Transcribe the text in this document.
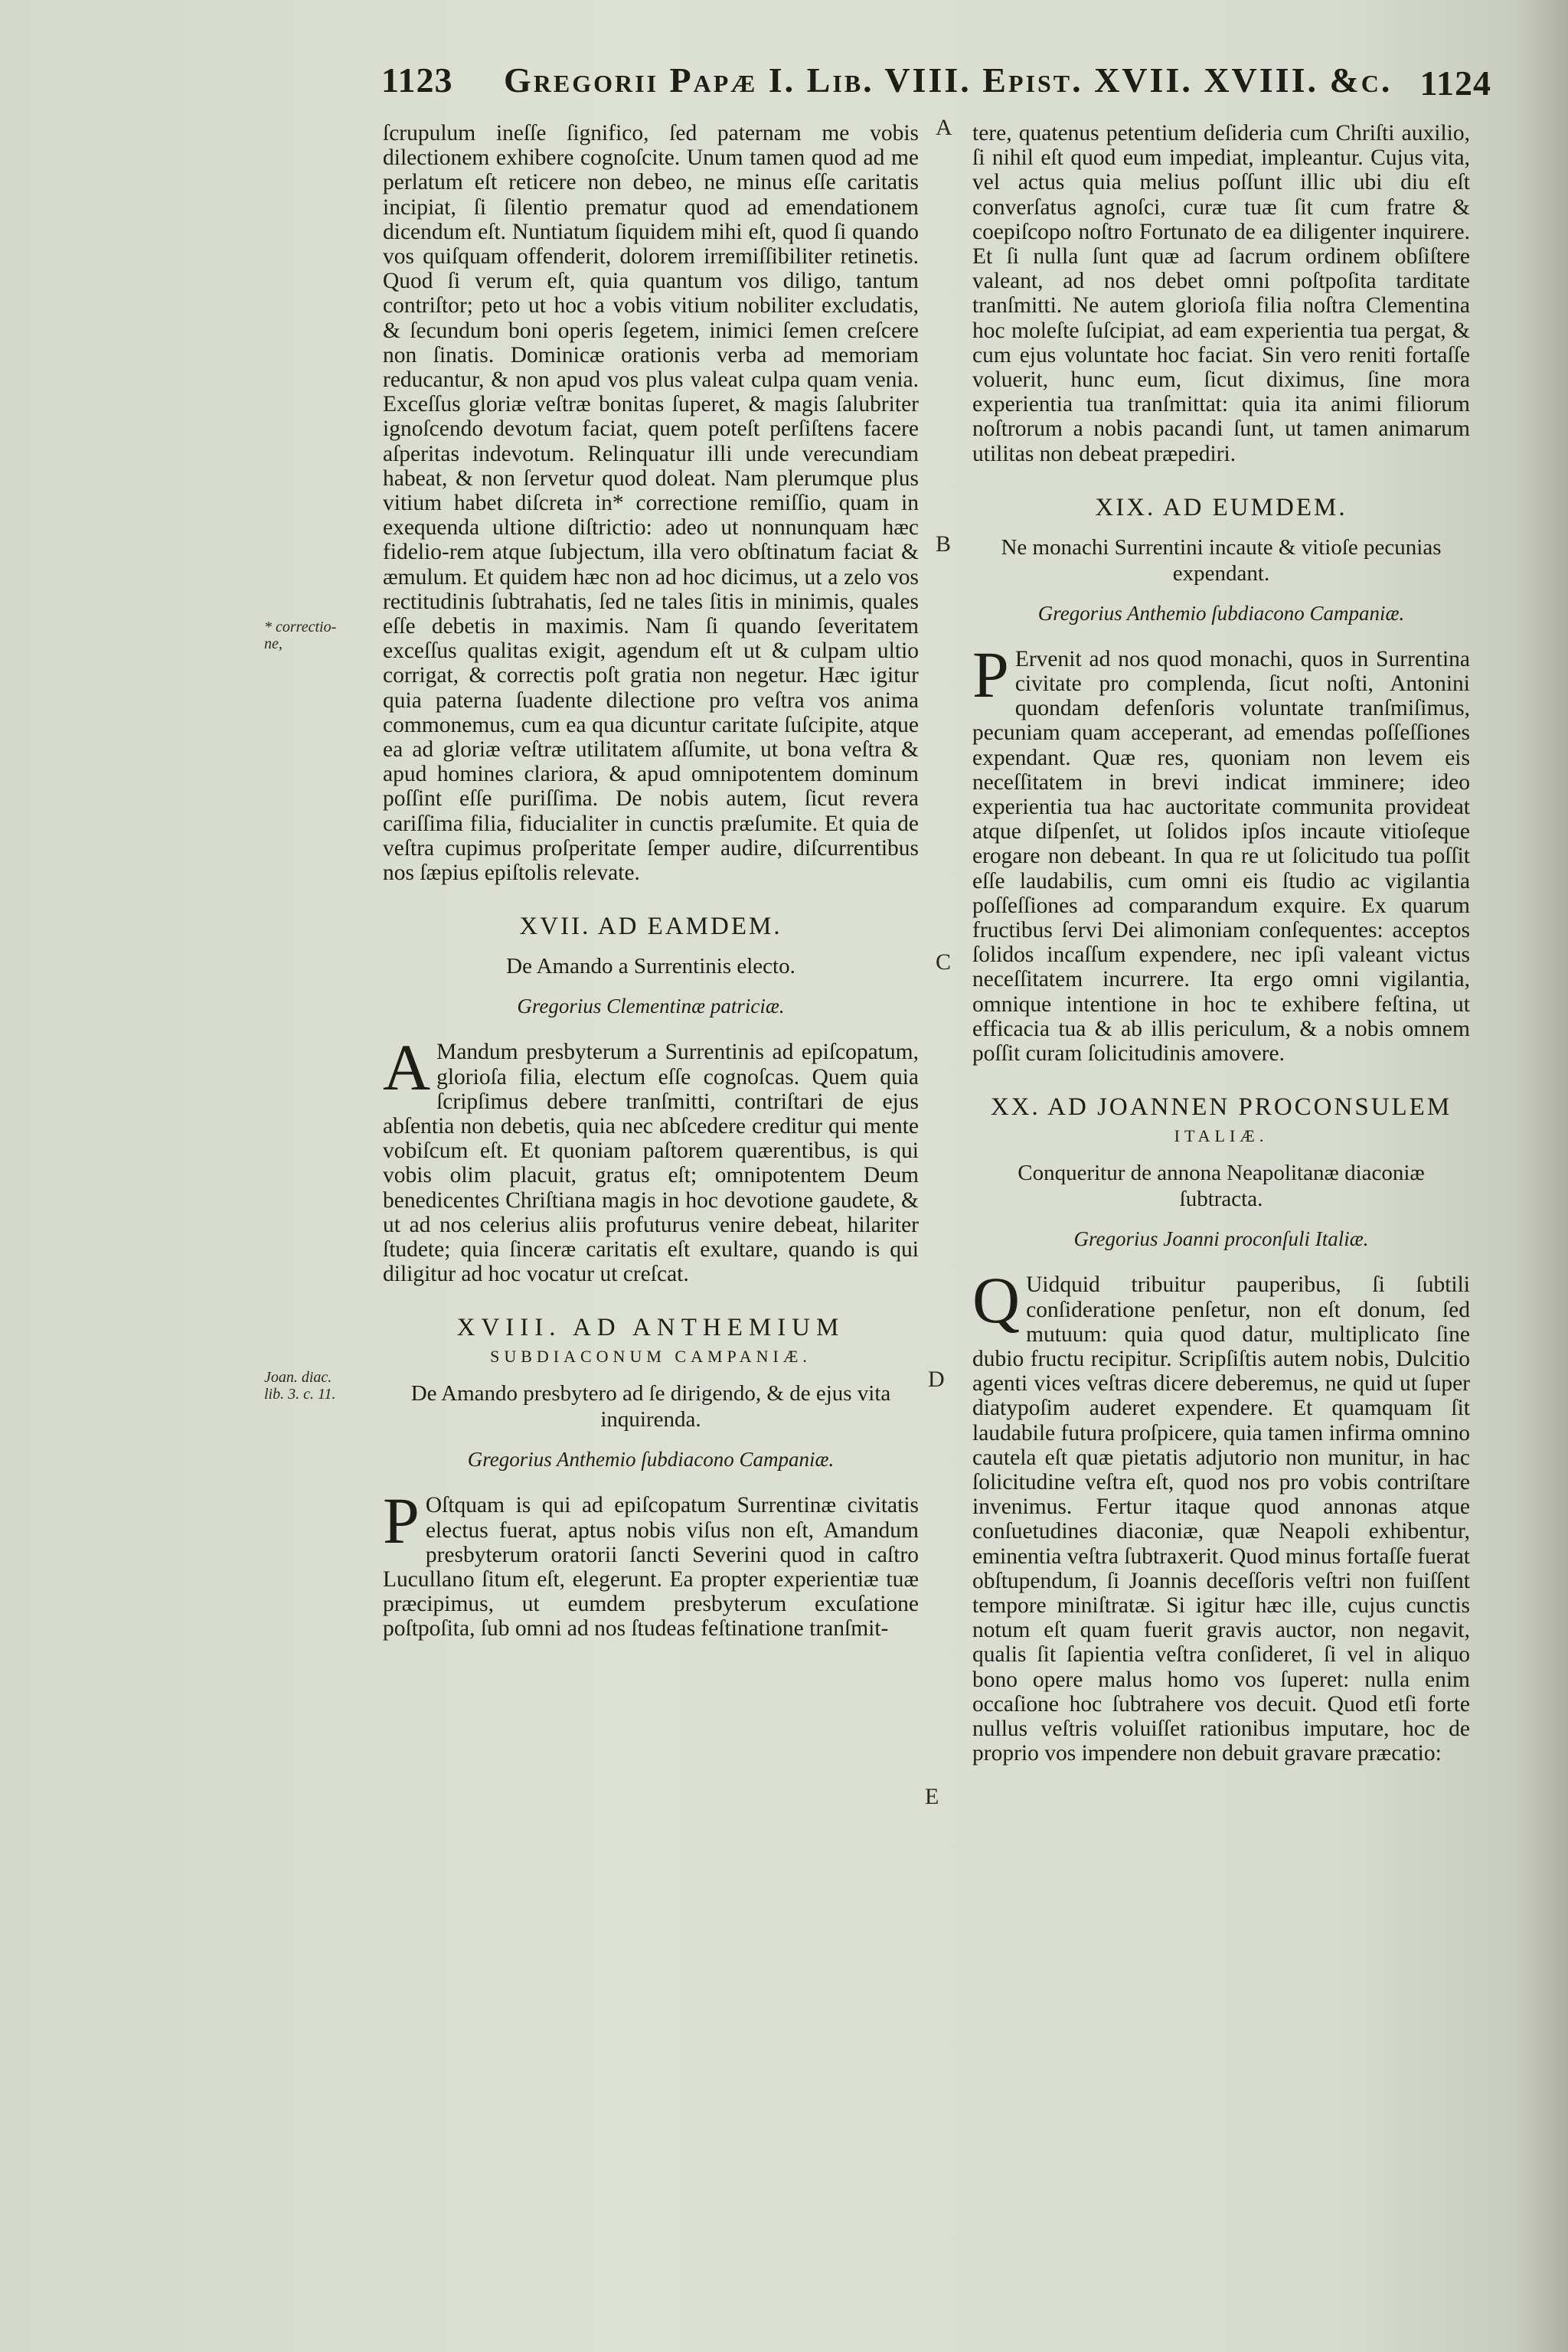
1123 Gregorii Papæ I. Lib. VIII. Epist. XVII. XVIII. &c. 1124
* correctio-
ne,
Joan. diac.
lib. 3. c. 11.
A
B
C
D
E

ſcrupulum ineſſe ſignifico, ſed paternam me vobis dilectionem exhibere cognoſcite. Unum tamen quod ad me perlatum eſt reticere non debeo, ne minus eſſe caritatis incipiat, ſi ſilentio prematur quod ad emendationem dicendum eſt. Nuntiatum ſiquidem mihi eſt, quod ſi quando vos quiſquam offenderit, dolorem irremiſſibiliter retinetis. Quod ſi verum eſt, quia quantum vos diligo, tantum contriſtor; peto ut hoc a vobis vitium nobiliter excludatis, & ſecundum boni operis ſegetem, inimici ſemen creſcere non ſinatis. Dominicæ orationis verba ad memoriam reducantur, & non apud vos plus valeat culpa quam venia. Exceſſus gloriæ veſtræ bonitas ſuperet, & magis ſalubriter ignoſcendo devotum faciat, quem poteſt perſiſtens facere aſperitas indevotum. Relinquatur illi unde verecundiam habeat, & non ſervetur quod doleat. Nam plerumque plus vitium habet diſcreta in* correctione remiſſio, quam in exequenda ultione diſtrictio: adeo ut nonnunquam hæc fidelio-rem atque ſubjectum, illa vero obſtinatum faciat & æmulum. Et quidem hæc non ad hoc dicimus, ut a zelo vos rectitudinis ſubtrahatis, ſed ne tales ſitis in minimis, quales eſſe debetis in maximis. Nam ſi quando ſeveritatem exceſſus qualitas exigit, agendum eſt ut & culpam ultio corrigat, & correctis poſt gratia non negetur. Hæc igitur quia paterna ſuadente dilectione pro veſtra vos anima commonemus, cum ea qua dicuntur caritate ſuſcipite, atque ea ad gloriæ veſtræ utilitatem aſſumite, ut bona veſtra & apud homines clariora, & apud omnipotentem dominum poſſint eſſe puriſſima. De nobis autem, ſicut revera cariſſima filia, fiducialiter in cunctis præſumite. Et quia de veſtra cupimus proſperitate ſemper audire, diſcurrentibus nos ſæpius epiſtolis relevate.

XVII. AD EAMDEM.
De Amando a Surrentinis electo.
Gregorius Clementinæ patriciæ.

A Mandum presbyterum a Surrentinis ad epiſcopatum, glorioſa filia, electum eſſe cognoſcas. Quem quia ſcripſimus debere tranſmitti, contriſtari de ejus abſentia non debetis, quia nec abſcedere creditur qui mente vobiſcum eſt. Et quoniam paſtorem quærentibus, is qui vobis olim placuit, gratus eſt; omnipotentem Deum benedicentes Chriſtiana magis in hoc devotione gaudete, & ut ad nos celerius aliis profuturus venire debeat, hilariter ſtudete; quia ſinceræ caritatis eſt exultare, quando is qui diligitur ad hoc vocatur ut creſcat.

XVIII. AD ANTHEMIUM
SUBDIACONUM CAMPANIÆ.
De Amando presbytero ad ſe dirigendo, & de ejus vita inquirenda.
Gregorius Anthemio ſubdiacono Campaniæ.

P Oſtquam is qui ad epiſcopatum Surrentinæ civitatis electus fuerat, aptus nobis viſus non eſt, Amandum presbyterum oratorii ſancti Severini quod in caſtro Lucullano ſitum eſt, elegerunt. Ea propter experientiæ tuæ præcipimus, ut eumdem presbyterum excuſatione poſtpoſita, ſub omni ad nos ſtudeas feſtinatione tranſmit-

tere, quatenus petentium deſideria cum Chriſti auxilio, ſi nihil eſt quod eum impediat, impleantur. Cujus vita, vel actus quia melius poſſunt illic ubi diu eſt converſatus agnoſci, curæ tuæ ſit cum fratre & coepiſcopo noſtro Fortunato de ea diligenter inquirere. Et ſi nulla ſunt quæ ad ſacrum ordinem obſiſtere valeant, ad nos debet omni poſtpoſita tarditate tranſmitti. Ne autem glorioſa filia noſtra Clementina hoc moleſte ſuſcipiat, ad eam experientia tua pergat, & cum ejus voluntate hoc faciat. Sin vero reniti fortaſſe voluerit, hunc eum, ſicut diximus, ſine mora experientia tua tranſmittat: quia ita animi filiorum noſtrorum a nobis pacandi ſunt, ut tamen animarum utilitas non debeat præpediri.

XIX. AD EUMDEM.
Ne monachi Surrentini incaute & vitioſe pecunias expendant.
Gregorius Anthemio ſubdiacono Campaniæ.

P Ervenit ad nos quod monachi, quos in Surrentina civitate pro complenda, ſicut noſti, Antonini quondam defenſoris voluntate tranſmiſimus, pecuniam quam acceperant, ad emendas poſſeſſiones expendant. Quæ res, quoniam non levem eis neceſſitatem in brevi indicat imminere; ideo experientia tua hac auctoritate communita provideat atque diſpenſet, ut ſolidos ipſos incaute vitioſeque erogare non debeant. In qua re ut ſolicitudo tua poſſit eſſe laudabilis, cum omni eis ſtudio ac vigilantia poſſeſſiones ad comparandum exquire. Ex quarum fructibus ſervi Dei alimoniam conſequentes: acceptos ſolidos incaſſum expendere, nec ipſi valeant victus neceſſitatem incurrere. Ita ergo omni vigilantia, omnique intentione in hoc te exhibere feſtina, ut efficacia tua & ab illis periculum, & a nobis omnem poſſit curam ſolicitudinis amovere.

XX. AD JOANNEN PROCONSULEM
ITALIÆ.
Conqueritur de annona Neapolitanæ diaconiæ ſubtracta.
Gregorius Joanni proconſuli Italiæ.

Q Uidquid tribuitur pauperibus, ſi ſubtili conſideratione penſetur, non eſt donum, ſed mutuum: quia quod datur, multiplicato ſine dubio fructu recipitur. Scripſiſtis autem nobis, Dulcitio agenti vices veſtras dicere deberemus, ne quid ut ſuper diatypoſim auderet expendere. Et quamquam ſit laudabile futura proſpicere, quia tamen infirma omnino cautela eſt quæ pietatis adjutorio non munitur, in hac ſolicitudine veſtra eſt, quod nos pro vobis contriſtare invenimus. Fertur itaque quod annonas atque conſuetudines diaconiæ, quæ Neapoli exhibentur, eminentia veſtra ſubtraxerit. Quod minus fortaſſe fuerat obſtupendum, ſi Joannis deceſſoris veſtri non fuiſſent tempore miniſtratæ. Si igitur hæc ille, cujus cunctis notum eſt quam fuerit gravis auctor, non negavit, qualis ſit ſapientia veſtra conſideret, ſi vel in aliquo bono opere malus homo vos ſuperet: nulla enim occaſione hoc ſubtrahere vos decuit. Quod etſi forte nullus veſtris voluiſſet rationibus imputare, hoc de proprio vos impendere non debuit gravare præcatio:
